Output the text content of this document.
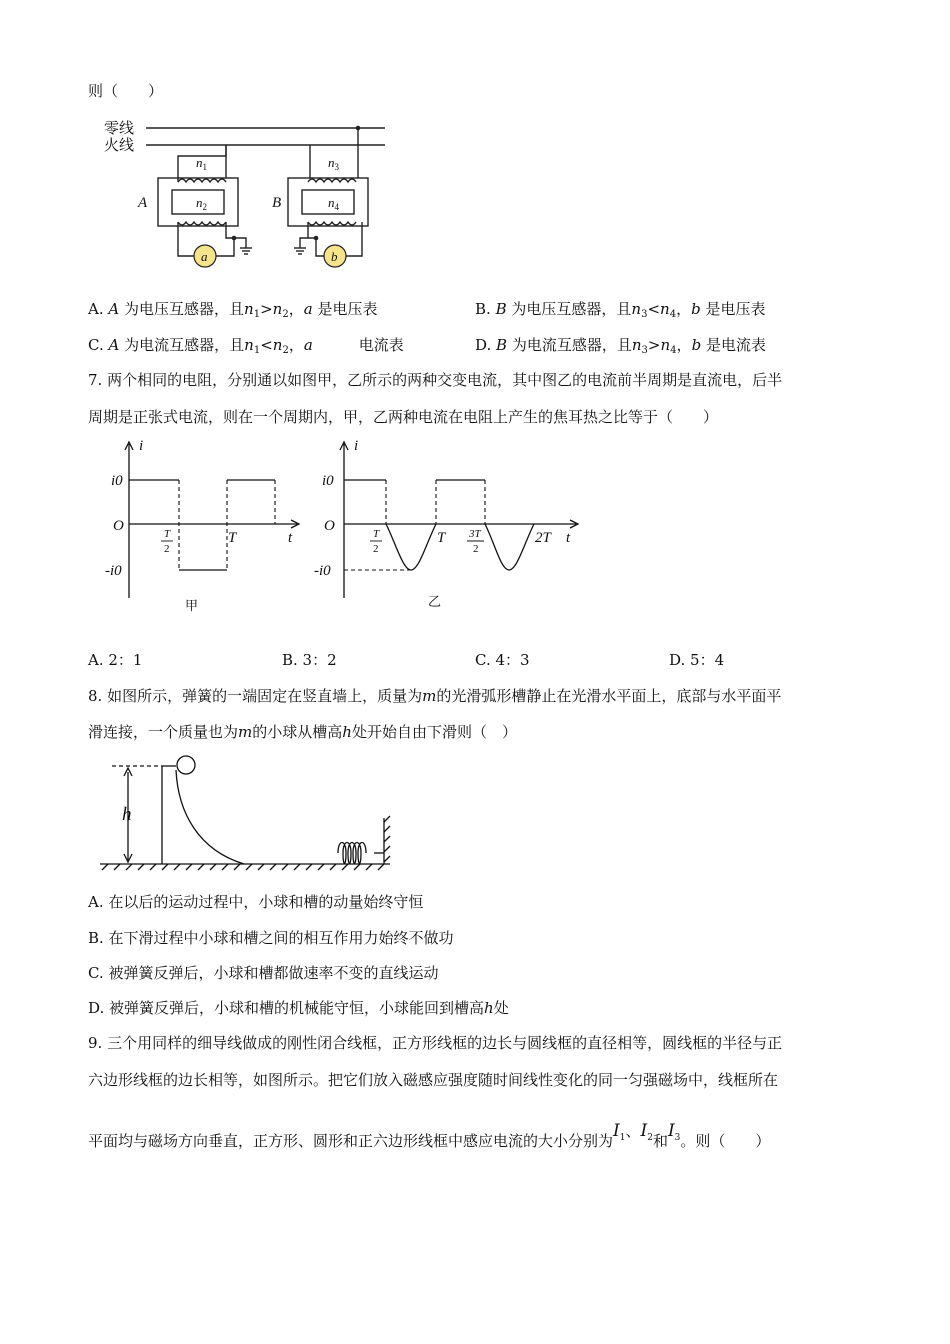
则（　　）
零线
火线
A	B
$n_1$
$n_2$
$n_3$
$n_4$
a	b
A. A 为电压互感器，且$n_1>n_2$，a 是电压表	B. B 为电压互感器，且$n_3<n_4$，b 是电压表
C. A 为电流互感器，且$n_1<n_2$，a	电流表	D. B 为电流互感器，且$n_3>n_4$，b 是电流表
7. 两个相同的电阻，分别通以如图甲，乙所示的两种交变电流，其中图乙的电流前半周期是直流电，后半
周期是正张式电流，则在一个周期内，甲，乙两种电流在电阻上产生的焦耳热之比等于（　　）
i
i0
-i0
O
T	t
T
2
甲
i
i0
-i0
O
T	2T t
T
2
3T
2
乙
A. 2：1	B. 3：2	C. 4：3	D. 5：4
8. 如图所示，弹簧的一端固定在竖直墙上，质量为m的光滑弧形槽静止在光滑水平面上，底部与水平面平
滑连接，一个质量也为m的小球从槽高h处开始自由下滑则（　）
h
A. 在以后的运动过程中，小球和槽的动量始终守恒
B. 在下滑过程中小球和槽之间的相互作用力始终不做功
C. 被弹簧反弹后，小球和槽都做速率不变的直线运动
D. 被弹簧反弹后，小球和槽的机械能守恒，小球能回到槽高h处
9. 三个用同样的细导线做成的刚性闭合线框，正方形线框的边长与圆线框的直径相等，圆线框的半径与正
六边形线框的边长相等，如图所示。把它们放入磁感应强度随时间线性变化的同一匀强磁场中，线框所在
平面均与磁场方向垂直，正方形、圆形和正六边形线框中感应电流的大小分别为$I^1$、$I^2$和$I^3$。则（　　）
